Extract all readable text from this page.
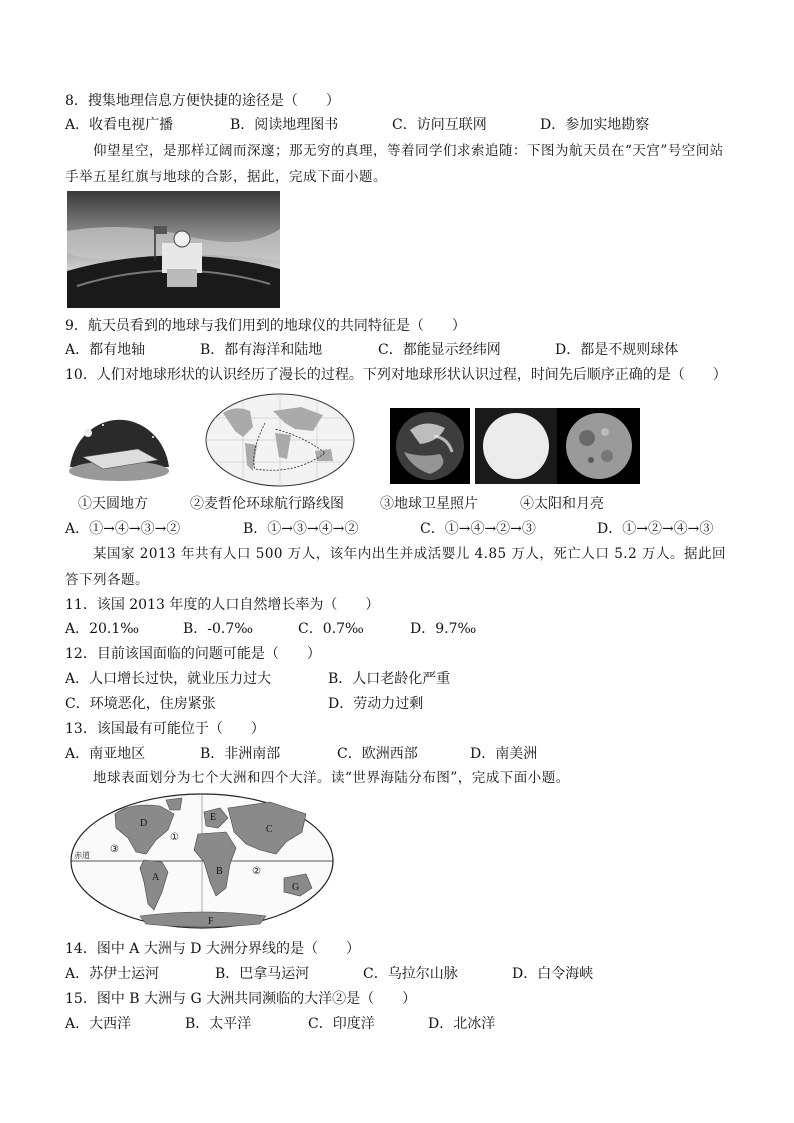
8．搜集地理信息方便快捷的途径是（　　）
A．收看电视广播	B．阅读地理图书	C．访问互联网	D．参加实地勘察
仰望星空，是那样辽阔而深邃；那无穷的真理，等着同学们求索追随：下图为航天员在“天宫”号空间站手举五星红旗与地球的合影，据此，完成下面小题。
9．航天员看到的地球与我们用到的地球仪的共同特征是（　　）
A．都有地轴	B．都有海洋和陆地	C．都能显示经纬网	D．都是不规则球体
10．人们对地球形状的认识经历了漫长的过程。下列对地球形状认识过程，时间先后顺序正确的是（　　）
①天圆地方	②麦哲伦环球航行路线图	③地球卫星照片	④太阳和月亮
A．①→④→③→②	B．①→③→④→②	C．①→④→②→③	D．①→②→④→③
某国家 2013 年共有人口 500 万人，该年内出生并成活婴儿 4.85 万人，死亡人口 5.2 万人。据此回答下列各题。
11．该国 2013 年度的人口自然增长率为（　　）
A．20.1‰	B．-0.7‰	C．0.7‰	D．9.7‰
12．目前该国面临的问题可能是（　　）
A．人口增长过快，就业压力过大	B．人口老龄化严重
C．环境恶化，住房紧张	D．劳动力过剩
13．该国最有可能位于（　　）
A．南亚地区	B．非洲南部	C．欧洲西部	D．南美洲
地球表面划分为七个大洲和四个大洋。读“世界海陆分布图”，完成下面小题。
D
①
③
A
E
C
B	②
G
F
赤道
14．图中 A 大洲与 D 大洲分界线的是（　　）
A．苏伊士运河	B．巴拿马运河	C．乌拉尔山脉	D．白令海峡
15．图中 B 大洲与 G 大洲共同濒临的大洋②是（　　）
A．大西洋	B．太平洋	C．印度洋	D．北冰洋
